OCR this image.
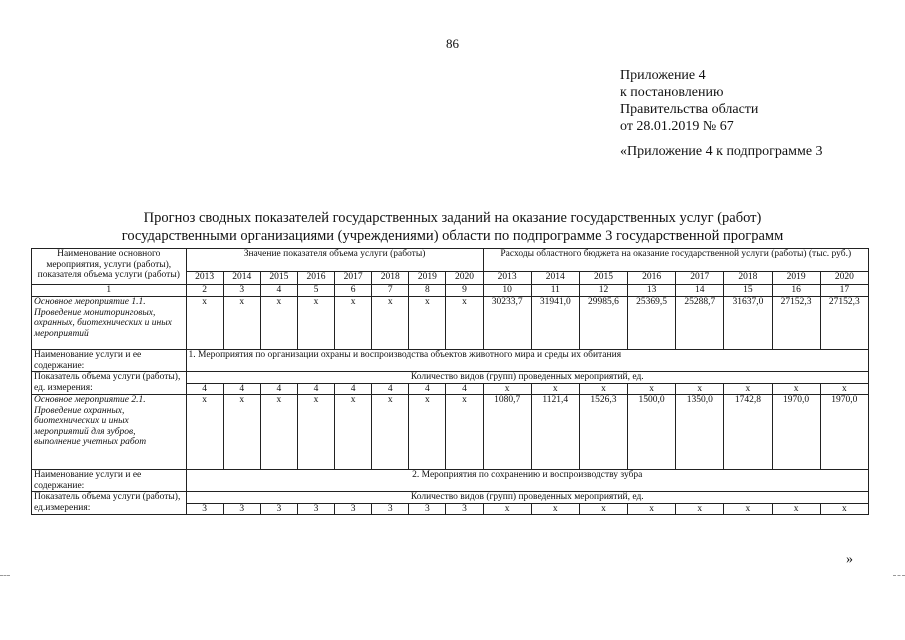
86
Приложение 4
к постановлению
Правительства области
от 28.01.2019 № 67
«Приложение 4 к подпрограмме 3
Прогноз сводных показателей государственных заданий на оказание государственных услуг (работ)
государственными организациями (учреждениями) области по подпрограмме 3 государственной программ
Наименование основного мероприятия, услуги (работы), показателя объема услуги (работы)	Значение показателя объема услуги (работы)								Расходы областного бюджета на оказание государственной услуги (работы) (тыс. руб.)							
	2013	2014	2015	2016	2017	2018	2019	2020	2013	2014	2015	2016	2017	2018	2019	2020
1	2	3	4	5	6	7	8	9	10	11	12	13	14	15	16	17
Основное мероприятие 1.1. Проведение мониторинговых, охранных, биотехнических и иных мероприятий	x	x	x	x	x	x	x	x	30233,7	31941,0	29985,6	25369,5	25288,7	31637,0	27152,3	27152,3
Наименование услуги и ее содержание:	1. Мероприятия по организации охраны и воспроизводства объектов животного мира и среды их обитания															
Показатель объема услуги (работы), ед. измерения:	Количество видов (групп) проведенных мероприятий, ед.															
	4	4	4	4	4	4	4	4	x	x	x	x	x	x	x	x
Основное мероприятие 2.1. Проведение охранных, биотехнических и иных мероприятий для зубров, выполнение учетных работ	x	x	x	x	x	x	x	x	1080,7	1121,4	1526,3	1500,0	1350,0	1742,8	1970,0	1970,0
Наименование услуги и ее содержание:	2. Мероприятия по сохранению и воспроизводству зубра															
Показатель объема услуги (работы), ед.измерения:	Количество видов (групп) проведенных мероприятий, ед.															
	3	3	3	3	3	3	3	3	x	x	x	x	x	x	x	x
»
